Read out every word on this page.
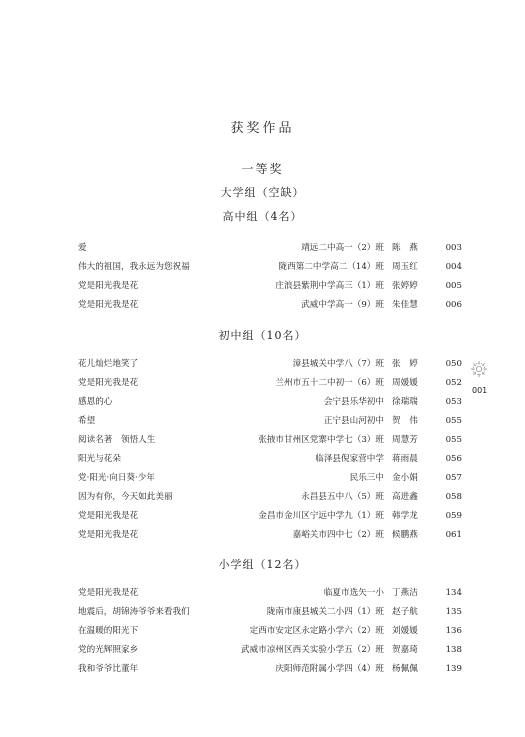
获奖作品
一等奖
大学组（空缺）
高中组（4名）
爱	靖远二中高一（2）班 陈　燕	003
伟大的祖国，我永远为您祝福	陇西第二中学高二（14）班 周玉红	004
党是阳光我是花	庄浪县紫荆中学高三（1）班 张婷婷	005
党是阳光我是花	武威中学高一（9）班 朱佳慧	006
初中组（10名）
花儿灿烂地笑了	漳县城关中学八（7）班 张　婷	050
党是阳光我是花	兰州市五十二中初一（6）班 周媛媛	052
感恩的心	会宁县乐华初中 徐瑞瑞	053
希望	正宁县山河初中 贺　伟	055
阅读名著　领悟人生	张掖市甘州区党寨中学七（3）班 周慧芳	055
阳光与花朵	临泽县倪家营中学 蒋雨晨	056
党·阳光·向日葵·少年	民乐三中 金小娟	057
因为有你，今天如此美丽	永昌县五中八（5）班 高进鑫	058
党是阳光我是花	金昌市金川区宁远中学九（1）班 韩学龙	059
党是阳光我是花	嘉峪关市四中七（2）班 候鹏燕	061
小学组（12名）
党是阳光我是花	临夏市选矢一小 丁燕洁	134
地震后，胡锦涛爷爷来看我们	陇南市康县城关二小四（1）班 赵子航	135
在温暖的阳光下	定西市安定区永定路小学六（2）班 刘媛媛	136
党的光辉照家乡	武威市凉州区西关实验小学五（2）班 贺嘉琦	138
我和爷爷比董年	庆阳师范附属小学四（4）班 杨佩佩	139
001
